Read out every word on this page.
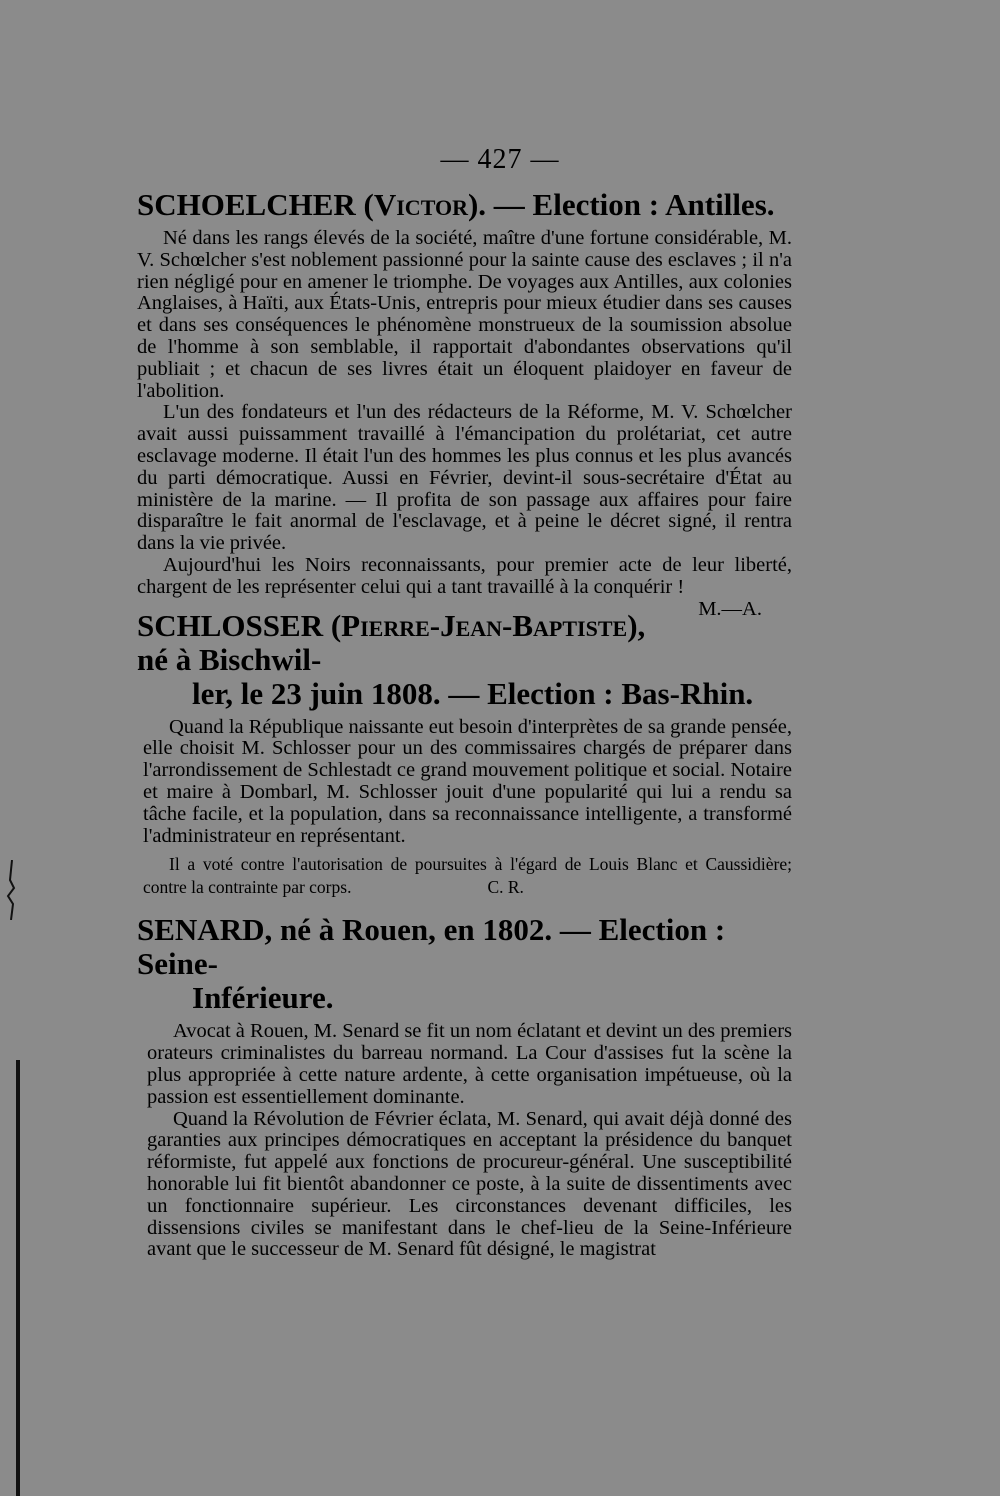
— 427 —
SCHOELCHER (Victor). — Election : Antilles.

Né dans les rangs élevés de la société, maître d'une fortune considérable, M. V. Schœlcher s'est noblement passionné pour la sainte cause des esclaves ; il n'a rien négligé pour en amener le triomphe. De voyages aux Antilles, aux colonies Anglaises, à Haïti, aux États-Unis, entrepris pour mieux étudier dans ses causes et dans ses conséquences le phénomène monstrueux de la soumission absolue de l'homme à son semblable, il rapportait d'abondantes observations qu'il publiait ; et chacun de ses livres était un éloquent plaidoyer en faveur de l'abolition.

L'un des fondateurs et l'un des rédacteurs de la Réforme, M. V. Schœlcher avait aussi puissamment travaillé à l'émancipation du prolétariat, cet autre esclavage moderne. Il était l'un des hommes les plus connus et les plus avancés du parti démocratique. Aussi en Février, devint-il sous-secrétaire d'État au ministère de la marine. — Il profita de son passage aux affaires pour faire disparaître le fait anormal de l'esclavage, et à peine le décret signé, il rentra dans la vie privée.

Aujourd'hui les Noirs reconnaissants, pour premier acte de leur liberté, chargent de les représenter celui qui a tant travaillé à la conquérir !
M.—A.

SCHLOSSER (Pierre-Jean-Baptiste), né à Bischwil-
ler, le 23 juin 1808. — Election : Bas-Rhin.

Quand la République naissante eut besoin d'interprètes de sa grande pensée, elle choisit M. Schlosser pour un des commissaires chargés de préparer dans l'arrondissement de Schlestadt ce grand mouvement politique et social. Notaire et maire à Dombarl, M. Schlosser jouit d'une popularité qui lui a rendu sa tâche facile, et la population, dans sa reconnaissance intelligente, a transformé l'administrateur en représentant.

Il a voté contre l'autorisation de poursuites à l'égard de Louis Blanc et Caussidière; contre la contrainte par corps.	C. R.

SENARD, né à Rouen, en 1802. — Election : Seine-
Inférieure.

Avocat à Rouen, M. Senard se fit un nom éclatant et devint un des premiers orateurs criminalistes du barreau normand. La Cour d'assises fut la scène la plus appropriée à cette nature ardente, à cette organisation impétueuse, où la passion est essentiellement dominante.

Quand la Révolution de Février éclata, M. Senard, qui avait déjà donné des garanties aux principes démocratiques en acceptant la présidence du banquet réformiste, fut appelé aux fonctions de procureur-général. Une susceptibilité honorable lui fit bientôt abandonner ce poste, à la suite de dissentiments avec un fonctionnaire supérieur. Les circonstances devenant difficiles, les dissensions civiles se manifestant dans le chef-lieu de la Seine-Inférieure avant que le successeur de M. Senard fût désigné, le magistrat
